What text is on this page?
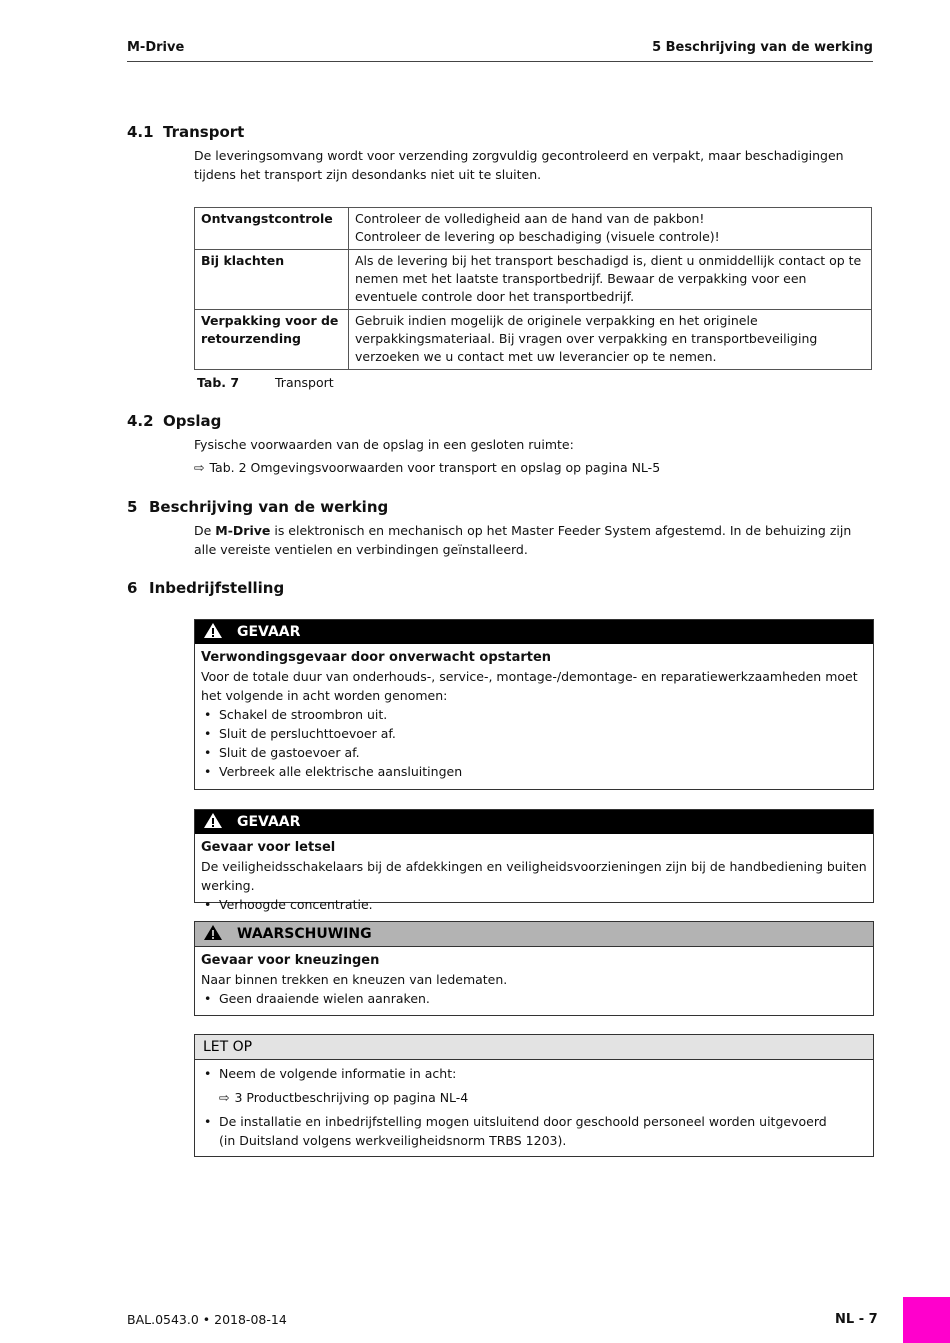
M-Drive	5 Beschrijving van de werking
4.1 Transport
De leveringsomvang wordt voor verzending zorgvuldig gecontroleerd en verpakt, maar beschadigingen tijdens het transport zijn desondanks niet uit te sluiten.
Ontvangstcontrole	Controleer de volledigheid aan de hand van de pakbon!
Controleer de levering op beschadiging (visuele controle)!

Bij klachten	Als de levering bij het transport beschadigd is, dient u onmiddellijk contact op te nemen met het laatste transportbedrijf. Bewaar de verpakking voor een eventuele controle door het transportbedrijf.
Verpakking voor de retourzending	Gebruik indien mogelijk de originele verpakking en het originele verpakkingsmateriaal. Bij vragen over verpakking en transportbeveiliging verzoeken we u contact met uw leverancier op te nemen.
Tab. 7	Transport
4.2 Opslag
Fysische voorwaarden van de opslag in een gesloten ruimte:
⇨ Tab. 2 Omgevingsvoorwaarden voor transport en opslag op pagina NL-5
5 Beschrijving van de werking
De M-Drive is elektronisch en mechanisch op het Master Feeder System afgestemd. In de behuizing zijn alle vereiste ventielen en verbindingen geïnstalleerd.
6 Inbedrijfstelling
GEVAAR
Verwondingsgevaar door onverwacht opstarten
Voor de totale duur van onderhouds-, service-, montage-/demontage- en reparatiewerkzaamheden moet het volgende in acht worden genomen:
• Schakel de stroombron uit.
• Sluit de persluchttoevoer af.
• Sluit de gastoevoer af.
• Verbreek alle elektrische aansluitingen
GEVAAR
Gevaar voor letsel
De veiligheidsschakelaars bij de afdekkingen en veiligheidsvoorzieningen zijn bij de handbediening buiten werking.
• Verhoogde concentratie.
WAARSCHUWING
Gevaar voor kneuzingen
Naar binnen trekken en kneuzen van ledematen.
• Geen draaiende wielen aanraken.
LET OP
• Neem de volgende informatie in acht:
⇨ 3 Productbeschrijving op pagina NL-4
• De installatie en inbedrijfstelling mogen uitsluitend door geschoold personeel worden uitgevoerd
(in Duitsland volgens werkveiligheidsnorm TRBS 1203).
BAL.0543.0 • 2018-08-14	NL - 7
